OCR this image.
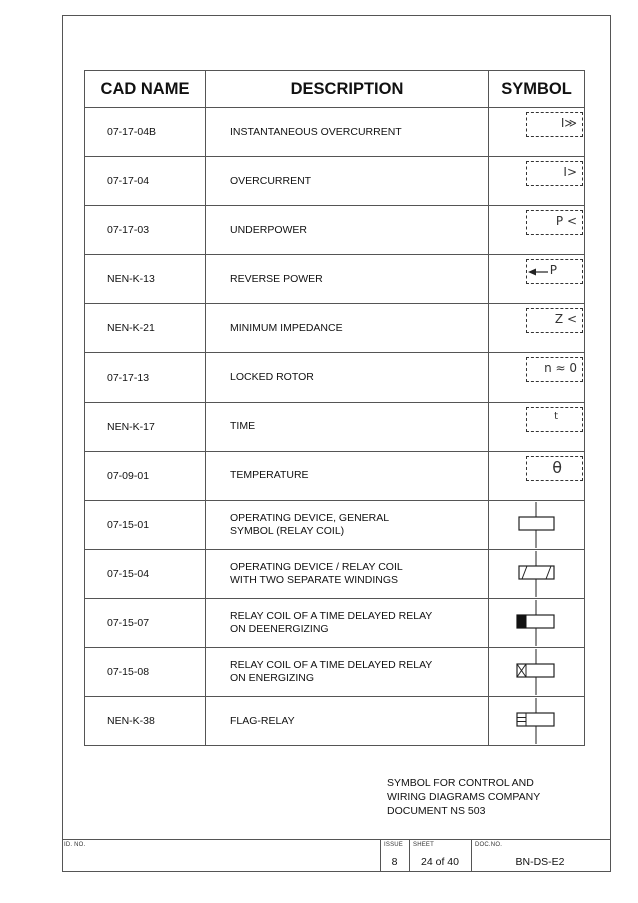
CAD NAME	DESCRIPTION	SYMBOL
07-17-04B	INSTANTANEOUS OVERCURRENT	I≫

07-17-04	OVERCURRENT	I>

07-17-03	UNDERPOWER	P <

NEN-K-13	REVERSE POWER	P

NEN-K-21	MINIMUM IMPEDANCE	Z <

07-17-13	LOCKED ROTOR	n ≈ 0

NEN-K-17	TIME	t

07-09-01	TEMPERATURE	θ

07-15-01	OPERATING DEVICE, GENERAL
SYMBOL (RELAY COIL)

07-15-04	OPERATING DEVICE / RELAY COIL
WITH TWO SEPARATE WINDINGS

07-15-07	RELAY COIL OF A TIME DELAYED RELAY
ON DEENERGIZING

07-15-08	RELAY COIL OF A TIME DELAYED RELAY
ON ENERGIZING

NEN-K-38	FLAG-RELAY

SYMBOL FOR CONTROL AND
WIRING DIAGRAMS COMPANY
DOCUMENT NS 503
ID. NO.	ISSUE SHEET	DOC.NO.
8	24 of 40	BN-DS-E2
